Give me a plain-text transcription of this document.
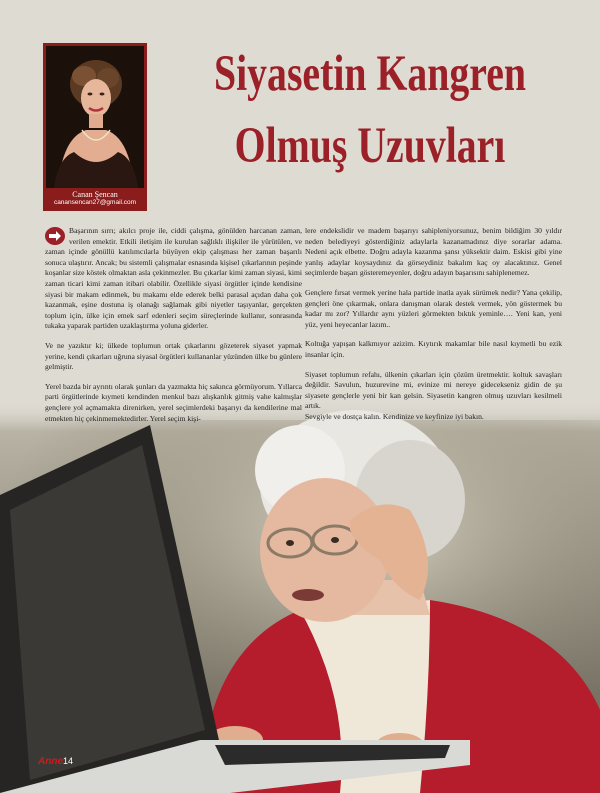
Canan Şencan
canansencan27@gmail.com
Siyasetin Kangren
Olmuş Uzuvları

Başarının sırrı; akılcı proje ile, ciddi çalışma, gönülden harcanan zaman, verilen emektir. Etkili iletişim ile kurulan sağlıklı ilişkiler ile yürütülen, ve zaman içinde gönüllü katılımcılarla büyüyen ekip çalışması her zaman başarılı sonuca ulaştırır. Ancak; bu sistemli çalışmalar esnasında kişisel çıkarlarının peşinde koşanlar size köstek olmaktan asla çekinmezler. Bu çıkarlar kimi zaman siyasi, kimi zaman ticari kimi zaman itibari olabilir. Özellikle siyasi örgütler içinde kendisine siyasi bir makam edinmek, bu makamı elde ederek belki parasal açıdan daha çok kazanmak, eşine dostuna iş olanağı sağlamak gibi niyetler taşıyanlar, gerçekten toplum için, ülke için emek sarf edenleri seçim süreçlerinde kullanır, sonrasında tukaka yaparak partiden uzaklaştırma yoluna giderler.

Ve ne yazıktır ki; ülkede toplumun ortak çıkarlarını gözeterek siyaset yapmak yerine, kendi çıkarları uğruna siyasal örgütleri kullananlar yüzünden ülke bu günlere gelmiştir.

Yerel bazda bir ayrıntı olarak şunları da yazmakta hiç sakınca görmüyorum. Yıllarca parti örgütlerinde kıymeti kendinden menkul bazı alışkanlık gitmiş vahe kalmışlar gençlere yol açmamakta direnirken, yerel seçimlerdeki başarıyı da kendilerine mal etmekten hiç çekinmemektedirler. Yerel seçim kişi-

lere endekslidir ve madem başarıyı sahipleniyorsunuz, benim bildiğim 30 yıldır neden belediyeyi gösterdiğiniz adaylarla kazanamadınız diye sorarlar adama. Nedeni açık elbette. Doğru adayla kazanma şansı yüksektir daim. Eskisi gibi yine yanlış adaylar koysaydınız da görseydiniz bakalım kaç oy alacaktınız. Genel seçimlerde başarı gösteremeyenler, doğru adayın başarısını sahiplenemez.

Gençlere fırsat vermek yerine hala partide inatla ayak sürümek nedir? Yana çekilip, gençleri öne çıkarmak, onlara danışman olarak destek vermek, yön göstermek bu kadar mı zor? Yıllardır aynı yüzleri görmekten bıktık yeminle…. Yeni kan, yeni yüz, yeni heyecanlar lazım..

Koltuğa yapışan kalkmıyor azizim. Kıytırık makamlar bile nasıl kıymetli bu ezik insanlar için.

Siyaset toplumun refahı, ülkenin çıkarları için çözüm üretmektir. koltuk savaşları değildir. Savulun, huzurevine mi, evinize mi nereye gidecekseniz gidin de şu siyasete gençlerle yeni bir kan gelsin. Siyasetin kangren olmuş uzuvları kesilmeli artık.

Sevgiyle ve dostça kalın. Kendinize ve keyfinize iyi bakın.

Anne14
